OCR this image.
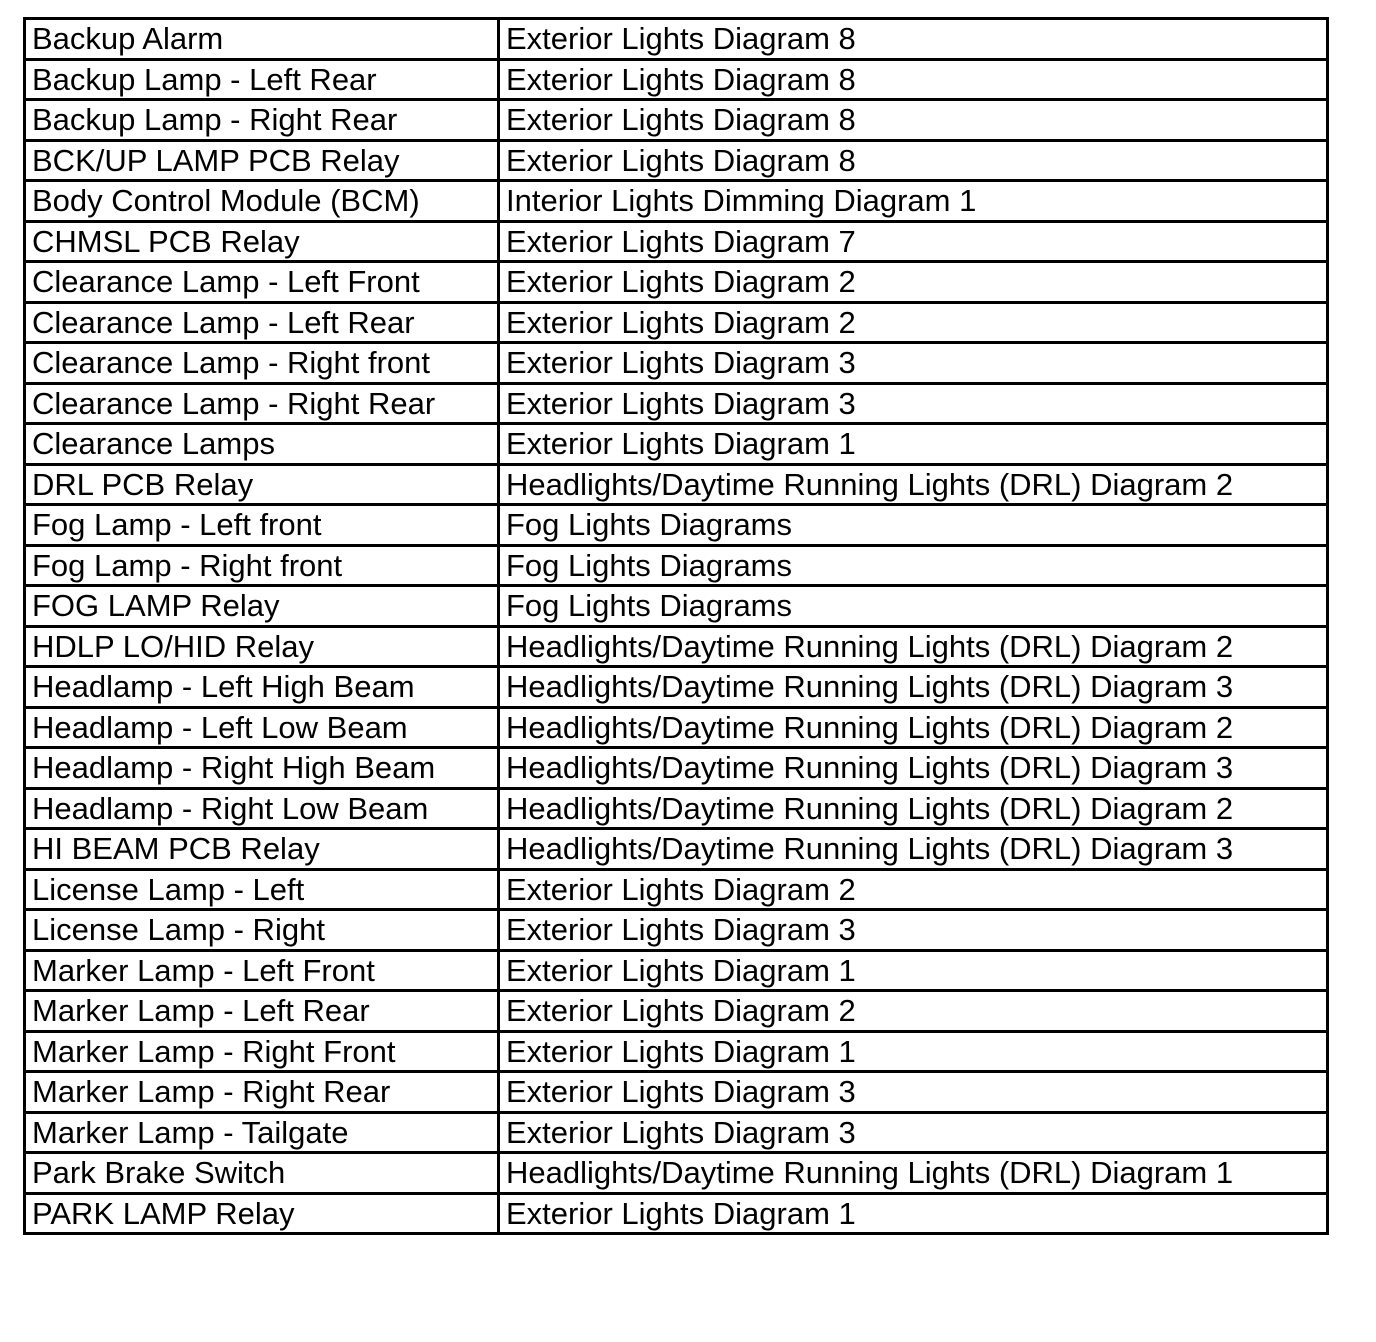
Backup Alarm	Exterior Lights Diagram 8
Backup Lamp - Left Rear	Exterior Lights Diagram 8
Backup Lamp - Right Rear	Exterior Lights Diagram 8
BCK/UP LAMP PCB Relay	Exterior Lights Diagram 8
Body Control Module (BCM)	Interior Lights Dimming Diagram 1
CHMSL PCB Relay	Exterior Lights Diagram 7
Clearance Lamp - Left Front	Exterior Lights Diagram 2
Clearance Lamp - Left Rear	Exterior Lights Diagram 2
Clearance Lamp - Right front	Exterior Lights Diagram 3
Clearance Lamp - Right Rear	Exterior Lights Diagram 3
Clearance Lamps	Exterior Lights Diagram 1
DRL PCB Relay	Headlights/Daytime Running Lights (DRL) Diagram 2
Fog Lamp - Left front	Fog Lights Diagrams
Fog Lamp - Right front	Fog Lights Diagrams
FOG LAMP Relay	Fog Lights Diagrams
HDLP LO/HID Relay	Headlights/Daytime Running Lights (DRL) Diagram 2
Headlamp - Left High Beam	Headlights/Daytime Running Lights (DRL) Diagram 3
Headlamp - Left Low Beam	Headlights/Daytime Running Lights (DRL) Diagram 2
Headlamp - Right High Beam	Headlights/Daytime Running Lights (DRL) Diagram 3
Headlamp - Right Low Beam	Headlights/Daytime Running Lights (DRL) Diagram 2
HI BEAM PCB Relay	Headlights/Daytime Running Lights (DRL) Diagram 3
License Lamp - Left	Exterior Lights Diagram 2
License Lamp - Right	Exterior Lights Diagram 3
Marker Lamp - Left Front	Exterior Lights Diagram 1
Marker Lamp - Left Rear	Exterior Lights Diagram 2
Marker Lamp - Right Front	Exterior Lights Diagram 1
Marker Lamp - Right Rear	Exterior Lights Diagram 3
Marker Lamp - Tailgate	Exterior Lights Diagram 3
Park Brake Switch	Headlights/Daytime Running Lights (DRL) Diagram 1
PARK LAMP Relay	Exterior Lights Diagram 1
